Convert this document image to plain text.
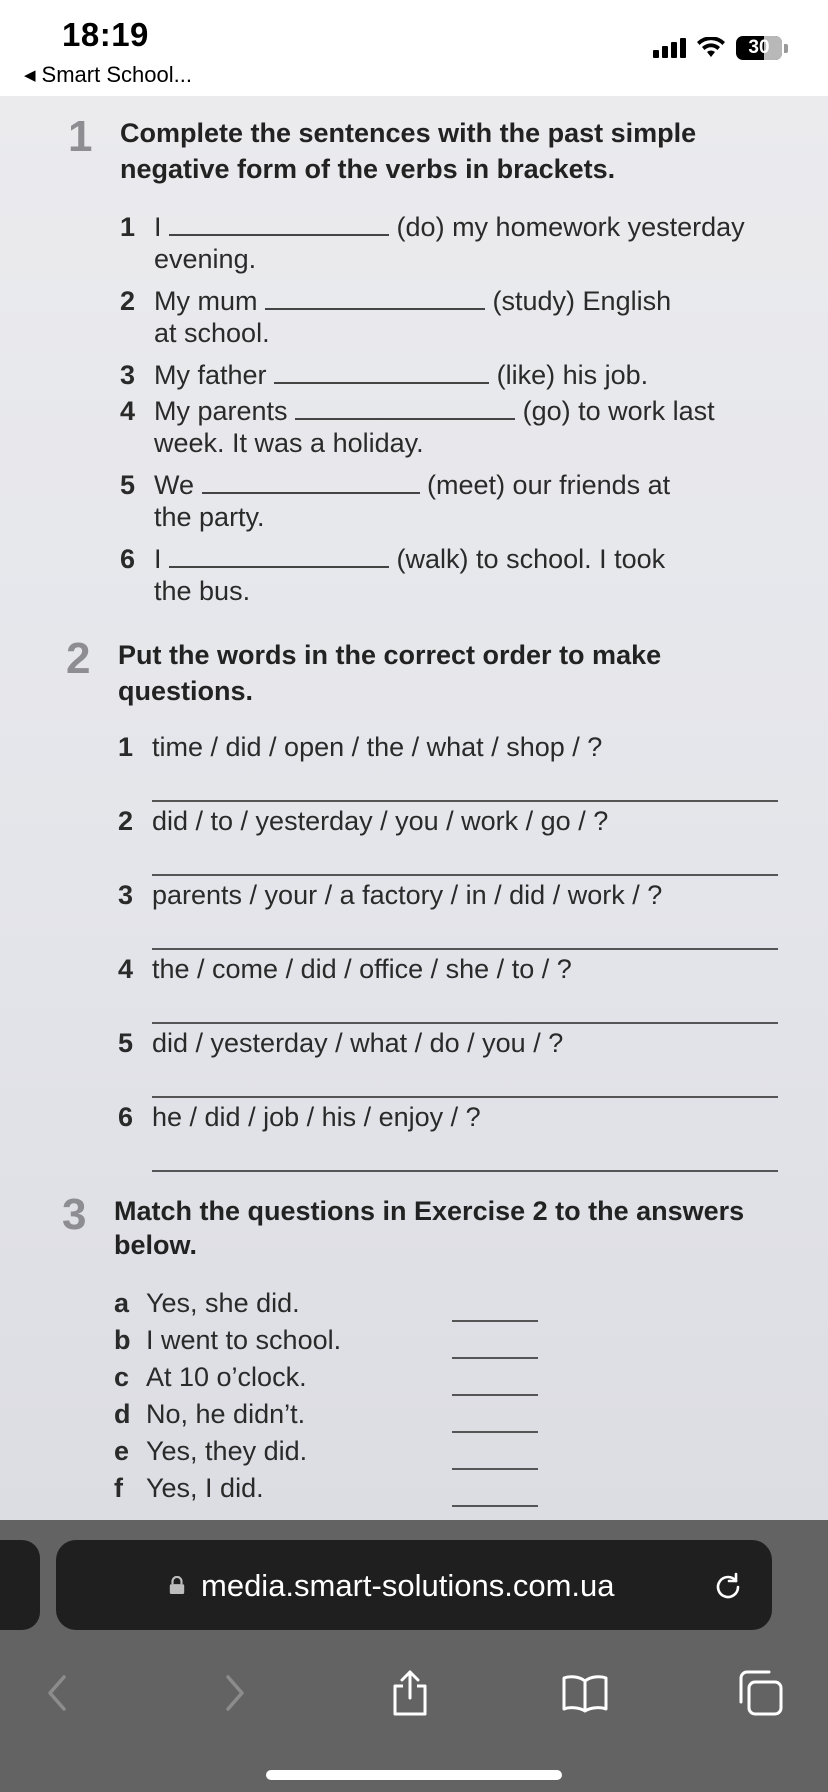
18:19
◀ Smart School...
30
1 Complete the sentences with the past simple
negative form of the verbs in brackets.
1 I	(do) my homework yesterday
evening.
2 My mum	(study) English
at school.
3 My father	(like) his job.
4 My parents	(go) to work last
week. It was a holiday.
5 We	(meet) our friends at
the party.
6 I	(walk) to school. I took
the bus.
2 Put the words in the correct order to make
questions.
1 time / did / open / the / what / shop / ?
2 did / to / yesterday / you / work / go / ?
3 parents / your / a factory / in / did / work / ?
4 the / come / did / office / she / to / ?
5 did / yesterday / what / do / you / ?
6 he / did / job / his / enjoy / ?
3 Match the questions in Exercise 2 to the answers
below.
a Yes, she did.
b I went to school.
c At 10 o’clock.
d No, he didn’t.
e Yes, they did.
f Yes, I did.
media.smart-solutions.com.ua
